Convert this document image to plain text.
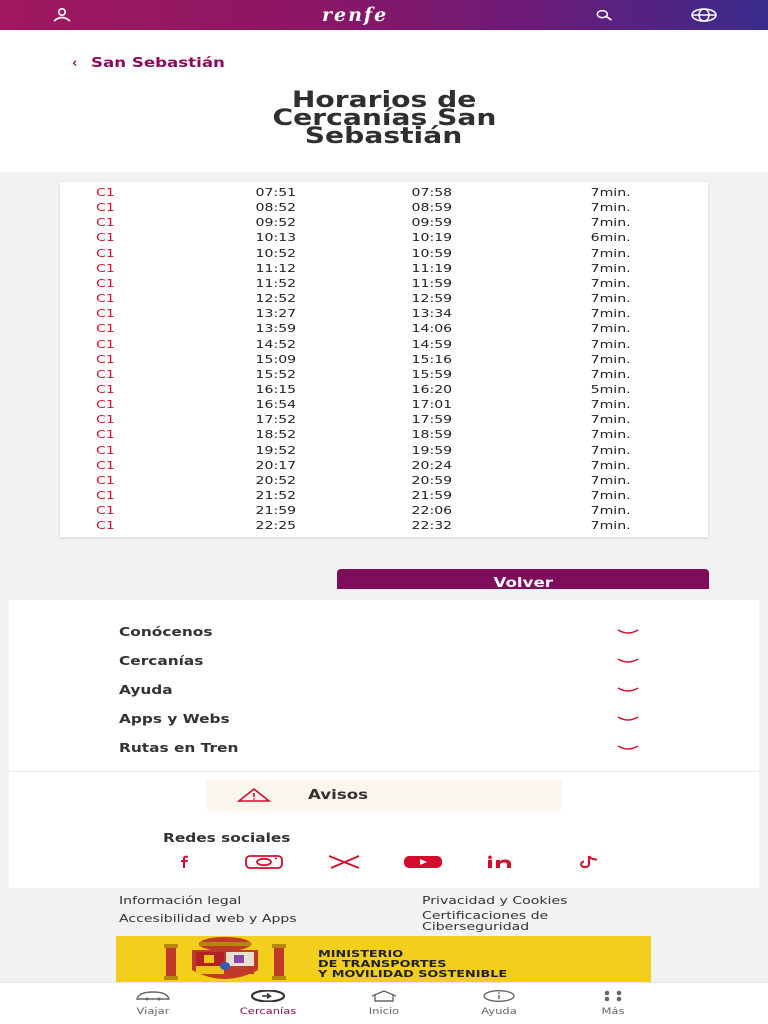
renfe
‹ San Sebastián
Horarios de
Cercanías San
Sebastián
C1	07:51	07:58	7min.
C1	08:52	08:59	7min.
C1	09:52	09:59	7min.
C1	10:13	10:19	6min.
C1	10:52	10:59	7min.
C1	11:12	11:19	7min.
C1	11:52	11:59	7min.
C1	12:52	12:59	7min.
C1	13:27	13:34	7min.
C1	13:59	14:06	7min.
C1	14:52	14:59	7min.
C1	15:09	15:16	7min.
C1	15:52	15:59	7min.
C1	16:15	16:20	5min.
C1	16:54	17:01	7min.
C1	17:52	17:59	7min.
C1	18:52	18:59	7min.
C1	19:52	19:59	7min.
C1	20:17	20:24	7min.
C1	20:52	20:59	7min.
C1	21:52	21:59	7min.
C1	21:59	22:06	7min.
C1	22:25	22:32	7min.
Volver
Conócenos
Cercanías
Ayuda
Apps y Webs
Rutas en Tren
Avisos
Redes sociales
Información legal
Accesibilidad web y Apps
Privacidad y Cookies
Certificaciones de Ciberseguridad
MINISTERIO
DE TRANSPORTES
Y MOVILIDAD SOSTENIBLE
Viajar	Cercanías	Inicio	Ayuda	Más
